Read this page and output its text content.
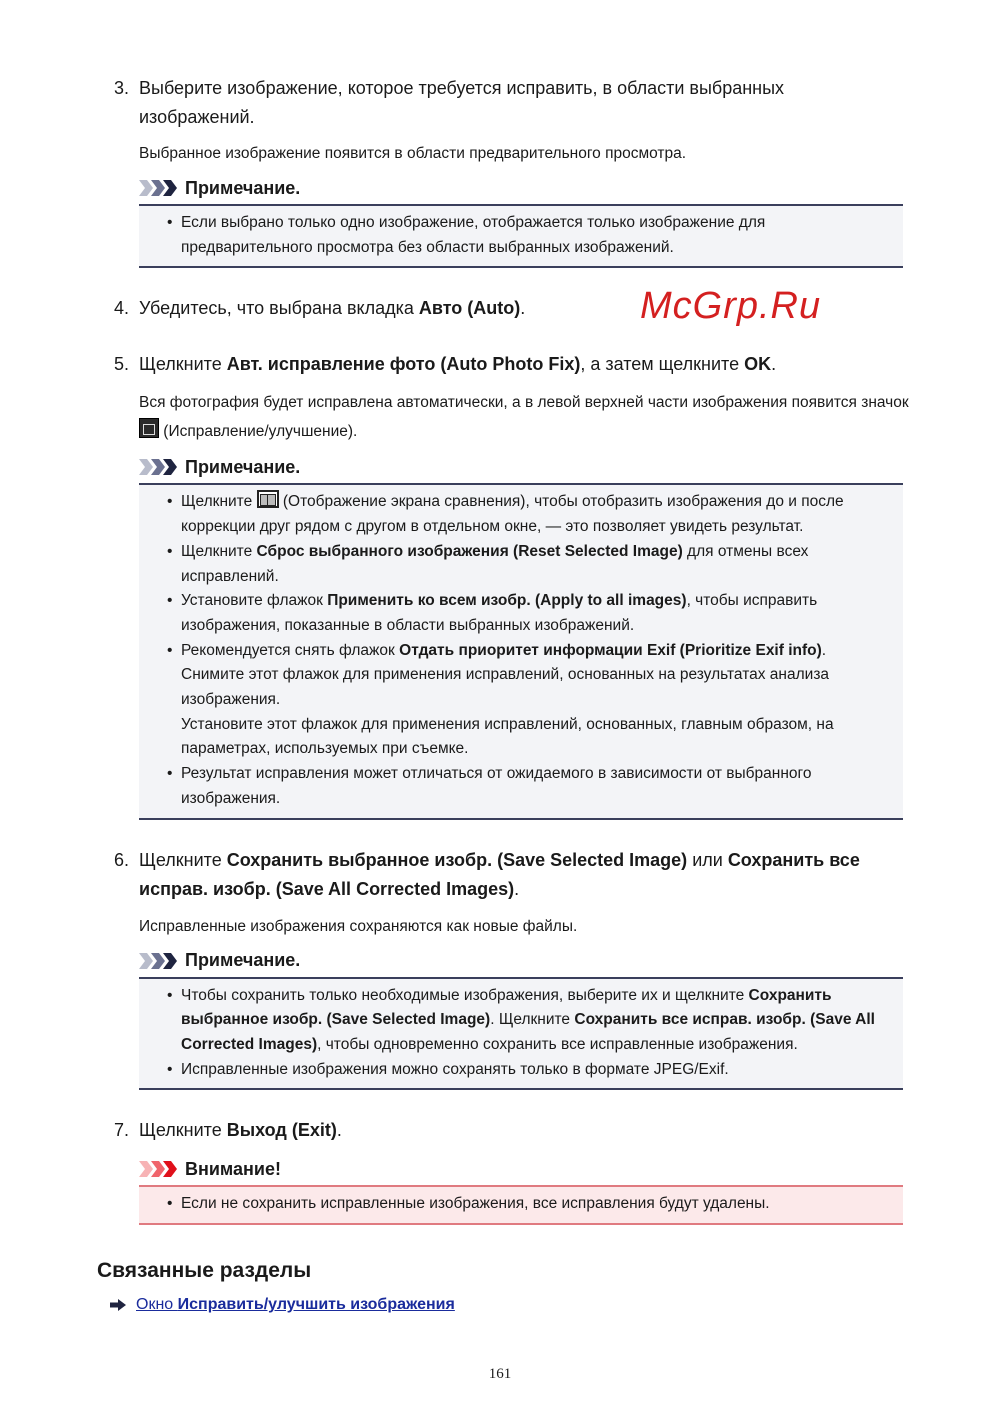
3. Выберите изображение, которое требуется исправить, в области выбранных изображений.
Выбранное изображение появится в области предварительного просмотра.
Примечание.
• Если выбрано только одно изображение, отображается только изображение для предварительного просмотра без области выбранных изображений.
4. Убедитесь, что выбрана вкладка Авто (Auto).
5. Щелкните Авт. исправление фото (Auto Photo Fix), а затем щелкните OK.
Вся фотография будет исправлена автоматически, а в левой верхней части изображения появится значок  (Исправление/улучшение).
Примечание.
• Щелкните  (Отображение экрана сравнения), чтобы отобразить изображения до и после коррекции друг рядом с другом в отдельном окне, — это позволяет увидеть результат.
• Щелкните Сброс выбранного изображения (Reset Selected Image) для отмены всех исправлений.
• Установите флажок Применить ко всем изобр. (Apply to all images), чтобы исправить изображения, показанные в области выбранных изображений.
• Рекомендуется снять флажок Отдать приоритет информации Exif (Prioritize Exif info).
Снимите этот флажок для применения исправлений, основанных на результатах анализа изображения.
Установите этот флажок для применения исправлений, основанных, главным образом, на параметрах, используемых при съемке.
• Результат исправления может отличаться от ожидаемого в зависимости от выбранного изображения.
6. Щелкните Сохранить выбранное изобр. (Save Selected Image) или Сохранить все исправ. изобр. (Save All Corrected Images).
Исправленные изображения сохраняются как новые файлы.
Примечание.
• Чтобы сохранить только необходимые изображения, выберите их и щелкните Сохранить выбранное изобр. (Save Selected Image). Щелкните Сохранить все исправ. изобр. (Save All Corrected Images), чтобы одновременно сохранить все исправленные изображения.
• Исправленные изображения можно сохранять только в формате JPEG/Exif.
7. Щелкните Выход (Exit).
Внимание!
• Если не сохранить исправленные изображения, все исправления будут удалены.
Связанные разделы
Окно Исправить/улучшить изображения
161
McGrp.Ru
